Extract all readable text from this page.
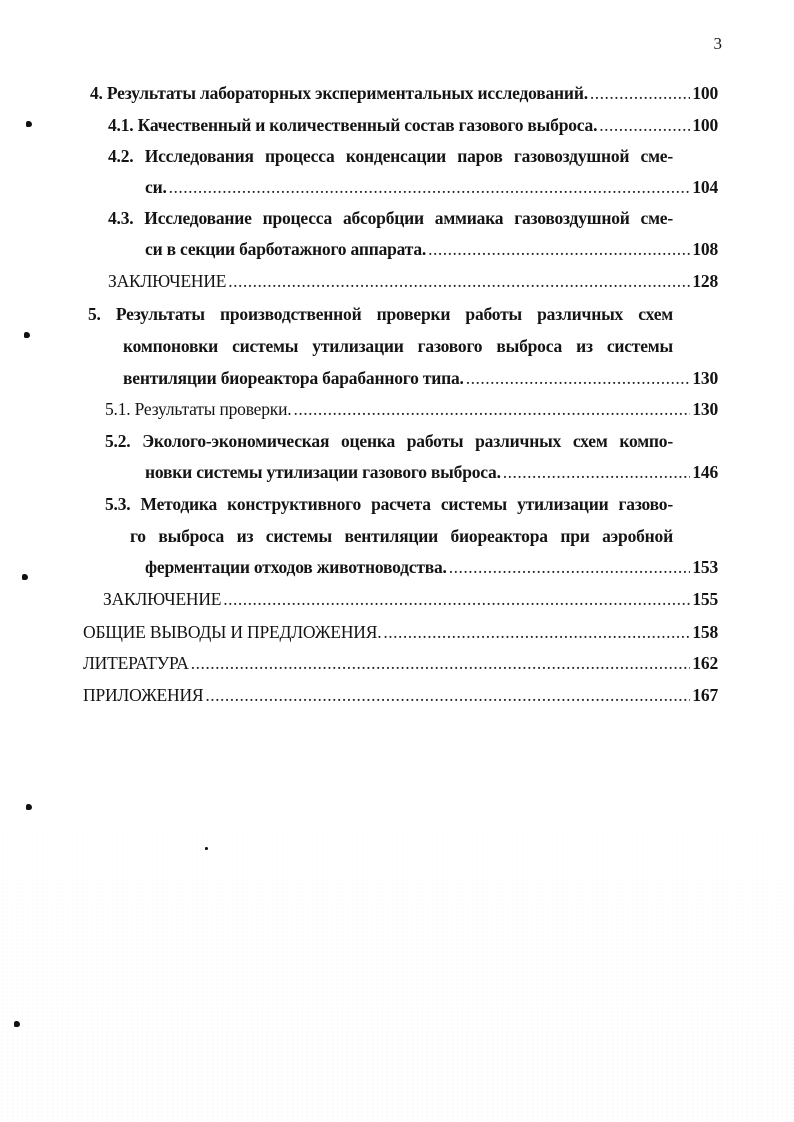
3
4. Результаты лабораторных экспериментальных исследований. .....	100
4.1. Качественный и количественный состав газового выброса. .....	100
4.2. Исследования процесса конденсации паров газовоздушной сме-
си. .....	104
4.3. Исследование процесса абсорбции аммиака газовоздушной сме-
си в секции барботажного аппарата. .....	108
ЗАКЛЮЧЕНИЕ .....	128
5. Результаты производственной проверки работы различных схем
компоновки системы утилизации газового выброса из системы
вентиляции биореактора барабанного типа. .....	130
5.1. Результаты проверки. .....	130
5.2. Эколого-экономическая оценка работы различных схем компо-
новки системы утилизации газового выброса. .....	146
5.3. Методика конструктивного расчета системы утилизации газово-
го выброса из системы вентиляции биореактора при аэробной
ферментации отходов животноводства. .....	153
ЗАКЛЮЧЕНИЕ .....	155
ОБЩИЕ ВЫВОДЫ И ПРЕДЛОЖЕНИЯ. .....	158
ЛИТЕРАТУРА .....	162
ПРИЛОЖЕНИЯ .....	167
